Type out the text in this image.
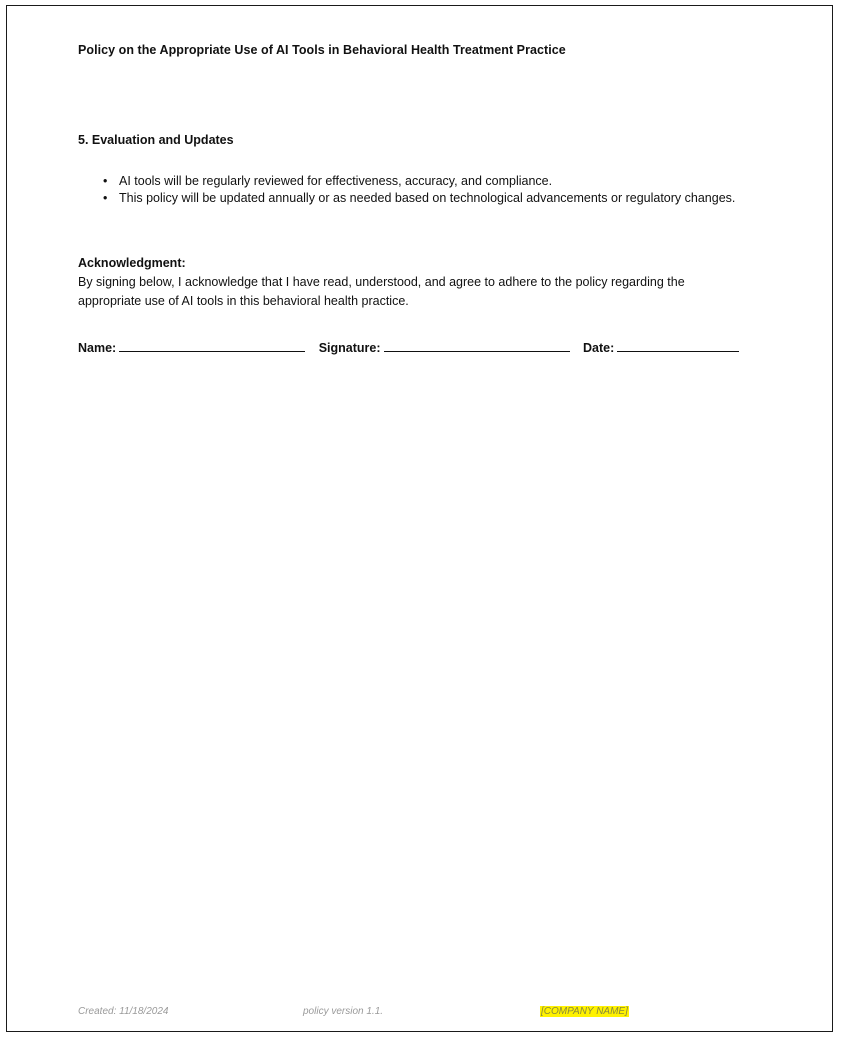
Policy on the Appropriate Use of AI Tools in Behavioral Health Treatment Practice
5. Evaluation and Updates
• AI tools will be regularly reviewed for effectiveness, accuracy, and compliance.
• This policy will be updated annually or as needed based on technological advancements or regulatory changes.
Acknowledgment:
By signing below, I acknowledge that I have read, understood, and agree to adhere to the policy regarding the appropriate use of AI tools in this behavioral health practice.
Name:	Signature:	Date:
Created: 11/18/2024	policy version 1.1.	[COMPANY NAME]
